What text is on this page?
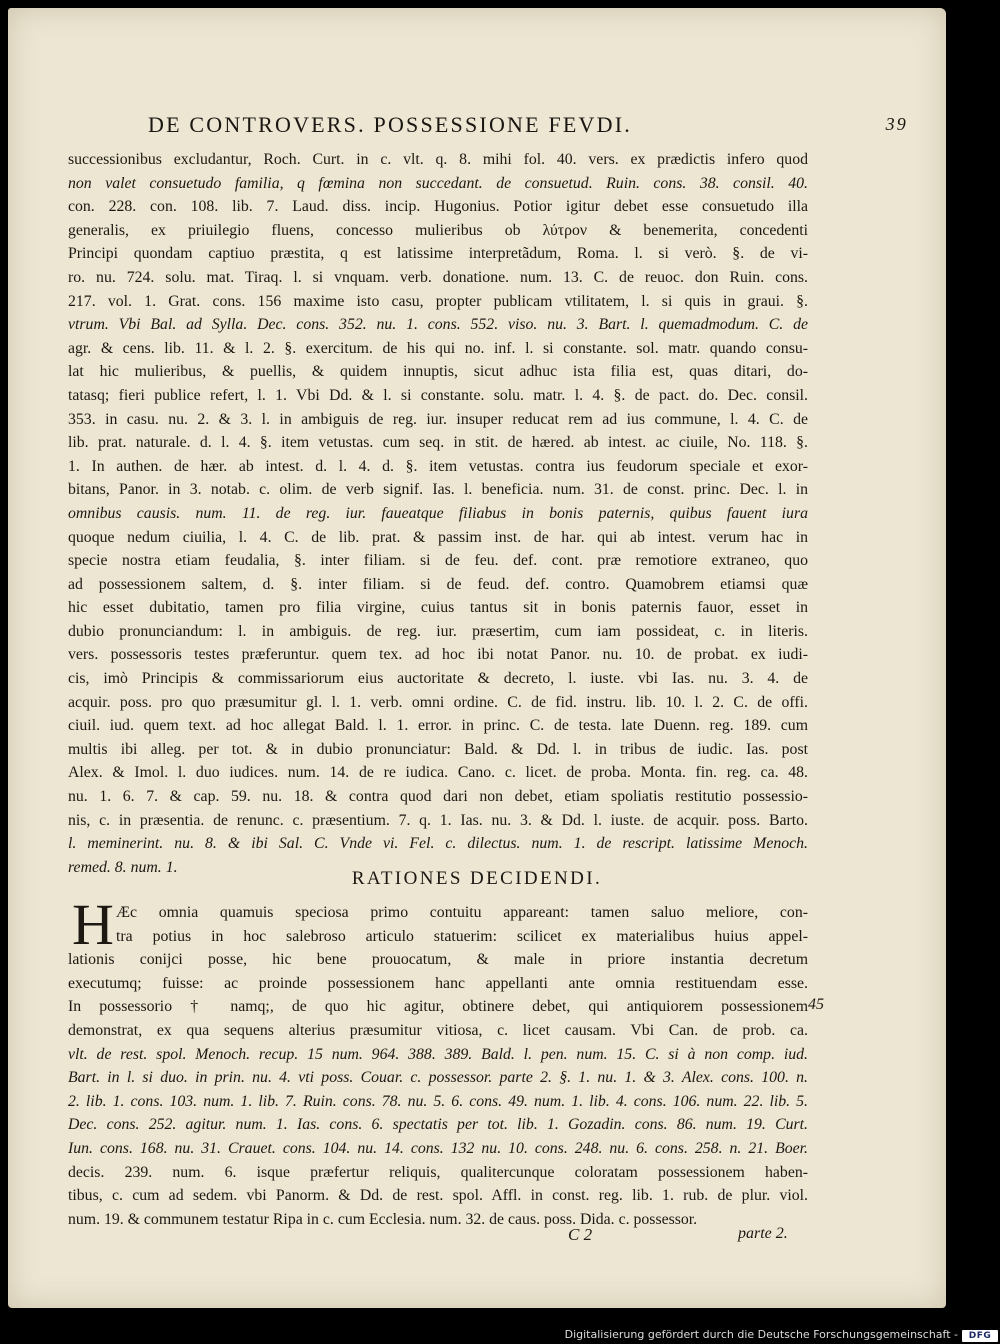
DE CONTROVERS. POSSESSIONE FEVDI.	39
successionibus excludantur, Roch. Curt. in c. vlt. q. 8. mihi fol. 40. vers. ex prædictis infero quod
non valet consuetudo familia, q fœmina non succedant. de consuetud. Ruin. cons. 38. consil. 40.
con. 228. con. 108. lib. 7. Laud. diss. incip. Hugonius. Potior igitur debet esse consuetudo illa
generalis, ex priuilegio fluens, concesso mulieribus ob λύτρον & benemerita, concedenti
Principi quondam captiuo præstita, q est latissime interpretãdum, Roma. l. si verò. §. de vi-
ro. nu. 724. solu. mat. Tiraq. l. si vnquam. verb. donatione. num. 13. C. de reuoc. don Ruin. cons.
217. vol. 1. Grat. cons. 156 maxime isto casu, propter publicam vtilitatem, l. si quis in graui. §.
vtrum. Vbi Bal. ad Sylla. Dec. cons. 352. nu. 1. cons. 552. viso. nu. 3. Bart. l. quemadmodum. C. de
agr. & cens. lib. 11. & l. 2. §. exercitum. de his qui no. inf. l. si constante. sol. matr. quando consu-
lat hic mulieribus, & puellis, & quidem innuptis, sicut adhuc ista filia est, quas ditari, do-
tatasq; fieri publice refert, l. 1. Vbi Dd. & l. si constante. solu. matr. l. 4. §. de pact. do. Dec. consil.
353. in casu. nu. 2. & 3. l. in ambiguis de reg. iur. insuper reducat rem ad ius commune, l. 4. C. de
lib. prat. naturale. d. l. 4. §. item vetustas. cum seq. in stit. de hæred. ab intest. ac ciuile, No. 118. §.
1. In authen. de hær. ab intest. d. l. 4. d. §. item vetustas. contra ius feudorum speciale et exor-
bitans, Panor. in 3. notab. c. olim. de verb signif. Ias. l. beneficia. num. 31. de const. princ. Dec. l. in
omnibus causis. num. 11. de reg. iur. faueatque filiabus in bonis paternis, quibus fauent iura
quoque nedum ciuilia, l. 4. C. de lib. prat. & passim inst. de har. qui ab intest. verum hac in
specie nostra etiam feudalia, §. inter filiam. si de feu. def. cont. præ remotiore extraneo, quo
ad possessionem saltem, d. §. inter filiam. si de feud. def. contro. Quamobrem etiamsi quæ
hic esset dubitatio, tamen pro filia virgine, cuius tantus sit in bonis paternis fauor, esset in
dubio pronunciandum: l. in ambiguis. de reg. iur. præsertim, cum iam possideat, c. in literis.
vers. possessoris testes præferuntur. quem tex. ad hoc ibi notat Panor. nu. 10. de probat. ex iudi-
cis, imò Principis & commissariorum eius auctoritate & decreto, l. iuste. vbi Ias. nu. 3. 4. de
acquir. poss. pro quo præsumitur gl. l. 1. verb. omni ordine. C. de fid. instru. lib. 10. l. 2. C. de offi.
ciuil. iud. quem text. ad hoc allegat Bald. l. 1. error. in princ. C. de testa. late Duenn. reg. 189. cum
multis ibi alleg. per tot. & in dubio pronunciatur: Bald. & Dd. l. in tribus de iudic. Ias. post
Alex. & Imol. l. duo iudices. num. 14. de re iudica. Cano. c. licet. de proba. Monta. fin. reg. ca. 48.
nu. 1. 6. 7. & cap. 59. nu. 18. & contra quod dari non debet, etiam spoliatis restitutio possessio-
nis, c. in præsentia. de renunc. c. præsentium. 7. q. 1. Ias. nu. 3. & Dd. l. iuste. de acquir. poss. Barto.
l. meminerint. nu. 8. & ibi Sal. C. Vnde vi. Fel. c. dilectus. num. 1. de rescript. latissime Menoch.
remed. 8. num. 1.
RATIONES DECIDENDI.
H Æc omnia quamuis speciosa primo contuitu appareant: tamen saluo meliore, con-
tra potius in hoc salebroso articulo statuerim: scilicet ex materialibus huius appel-
lationis conijci posse, hic bene prouocatum, & male in priore instantia decretum
executumq; fuisse: ac proinde possessionem hanc appellanti ante omnia restituendam esse.
In possessorio † namq;, de quo hic agitur, obtinere debet, qui antiquiorem possessionem
demonstrat, ex qua sequens alterius præsumitur vitiosa, c. licet causam. Vbi Can. de prob. ca.
vlt. de rest. spol. Menoch. recup. 15 num. 964. 388. 389. Bald. l. pen. num. 15. C. si à non comp. iud.
Bart. in l. si duo. in prin. nu. 4. vti poss. Couar. c. possessor. parte 2. §. 1. nu. 1. & 3. Alex. cons. 100. n.
2. lib. 1. cons. 103. num. 1. lib. 7. Ruin. cons. 78. nu. 5. 6. cons. 49. num. 1. lib. 4. cons. 106. num. 22. lib. 5.
Dec. cons. 252. agitur. num. 1. Ias. cons. 6. spectatis per tot. lib. 1. Gozadin. cons. 86. num. 19. Curt.
Iun. cons. 168. nu. 31. Crauet. cons. 104. nu. 14. cons. 132 nu. 10. cons. 248. nu. 6. cons. 258. n. 21. Boer.
decis. 239. num. 6. isque præfertur reliquis, qualitercunque coloratam possessionem haben-
tibus, c. cum ad sedem. vbi Panorm. & Dd. de rest. spol. Affl. in const. reg. lib. 1. rub. de plur. viol.
num. 19. & communem testatur Ripa in c. cum Ecclesia. num. 32. de caus. poss. Dida. c. possessor.
45
C 2	parte 2.
Digitalisierung gefördert durch die Deutsche Forschungsgemeinschaft -	DFG
